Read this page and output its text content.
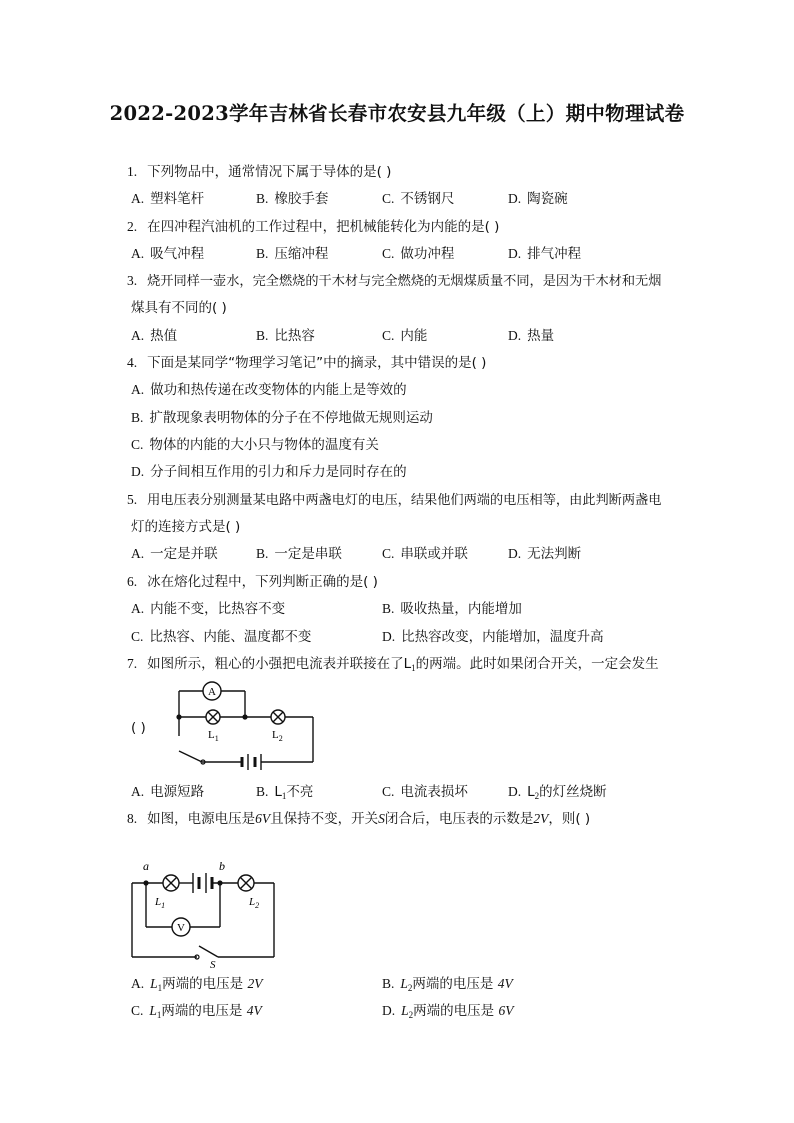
2022-2023学年吉林省长春市农安县九年级（上）期中物理试卷
1. 下列物品中，通常情况下属于导体的是( )
A. 塑料笔杆	B. 橡胶手套	C. 不锈钢尺	D. 陶瓷碗
2. 在四冲程汽油机的工作过程中，把机械能转化为内能的是( )
A. 吸气冲程	B. 压缩冲程	C. 做功冲程	D. 排气冲程
3. 烧开同样一壶水，完全燃烧的干木材与完全燃烧的无烟煤质量不同，是因为干木材和无烟
煤具有不同的( )
A. 热值	B. 比热容	C. 内能	D. 热量
4. 下面是某同学“物理学习笔记”中的摘录，其中错误的是( )
A. 做功和热传递在改变物体的内能上是等效的
B. 扩散现象表明物体的分子在不停地做无规则运动
C. 物体的内能的大小只与物体的温度有关
D. 分子间相互作用的引力和斥力是同时存在的
5. 用电压表分别测量某电路中两盏电灯的电压，结果他们两端的电压相等，由此判断两盏电
灯的连接方式是( )
A. 一定是并联	B. 一定是串联	C. 串联或并联	D. 无法判断
6. 冰在熔化过程中，下列判断正确的是( )
A. 内能不变，比热容不变	B. 吸收热量，内能增加
C. 比热容、内能、温度都不变	D. 比热容改变，内能增加，温度升高
7. 如图所示，粗心的小强把电流表并联接在了$L_1$的两端。此时如果闭合开关，一定会发生
( )
A
$L_1$	$L_2$
A. 电源短路	B. $L_1$不亮	C. 电流表损坏	D. $L_2$的灯丝烧断
8. 如图，电源电压是6V且保持不变，开关S闭合后，电压表的示数是2V，则( )
a	b
$L_1$	$L_2$
V
S
A. $L_1$两端的电压是 2V	B. $L_2$两端的电压是 4V
C. $L_1$两端的电压是 4V	D. $L_2$两端的电压是 6V
